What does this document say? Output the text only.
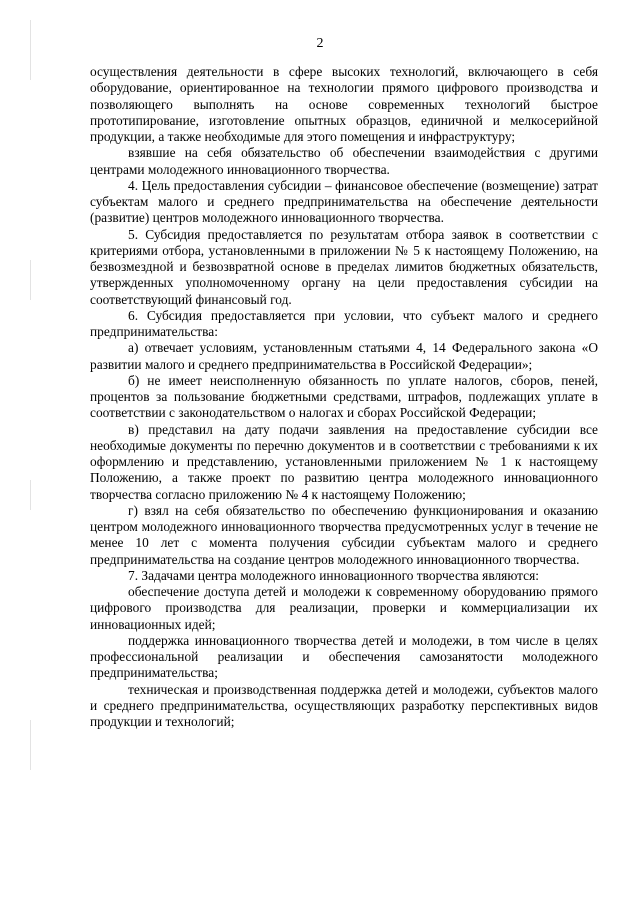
2

осуществления деятельности в сфере высоких технологий, включающего в себя оборудование, ориентированное на технологии прямого цифрового производства и позволяющего выполнять на основе современных технологий быстрое прототипирование, изготовление опытных образцов, единичной и мелкосерийной продукции, а также необходимые для этого помещения и инфраструктуру;

взявшие на себя обязательство об обеспечении взаимодействия с другими центрами молодежного инновационного творчества.

4. Цель предоставления субсидии – финансовое обеспечение (возмещение) затрат субъектам малого и среднего предпринимательства на обеспечение деятельности (развитие) центров молодежного инновационного творчества.

5. Субсидия предоставляется по результатам отбора заявок в соответствии с критериями отбора, установленными в приложении № 5 к настоящему Положению, на безвозмездной и безвозвратной основе в пределах лимитов бюджетных обязательств, утвержденных уполномоченному органу на цели предоставления субсидии на соответствующий финансовый год.

6. Субсидия предоставляется при условии, что субъект малого и среднего предпринимательства:

а) отвечает условиям, установленным статьями 4, 14 Федерального закона «О развитии малого и среднего предпринимательства в Российской Федерации»;

б) не имеет неисполненную обязанность по уплате налогов, сборов, пеней, процентов за пользование бюджетными средствами, штрафов, подлежащих уплате в соответствии с законодательством о налогах и сборах Российской Федерации;

в) представил на дату подачи заявления на предоставление субсидии все необходимые документы по перечню документов и в соответствии с требованиями к их оформлению и представлению, установленными приложением № 1 к настоящему Положению, а также проект по развитию центра молодежного инновационного творчества согласно приложению № 4 к настоящему Положению;

г) взял на себя обязательство по обеспечению функционирования и оказанию центром молодежного инновационного творчества предусмотренных услуг в течение не менее 10 лет с момента получения субсидии субъектам малого и среднего предпринимательства на создание центров молодежного инновационного творчества.

7. Задачами центра молодежного инновационного творчества являются:

обеспечение доступа детей и молодежи к современному оборудованию прямого цифрового производства для реализации, проверки и коммерциализации их инновационных идей;

поддержка инновационного творчества детей и молодежи, в том числе в целях профессиональной реализации и обеспечения самозанятости молодежного предпринимательства;

техническая и производственная поддержка детей и молодежи, субъектов малого и среднего предпринимательства, осуществляющих разработку перспективных видов продукции и технологий;
